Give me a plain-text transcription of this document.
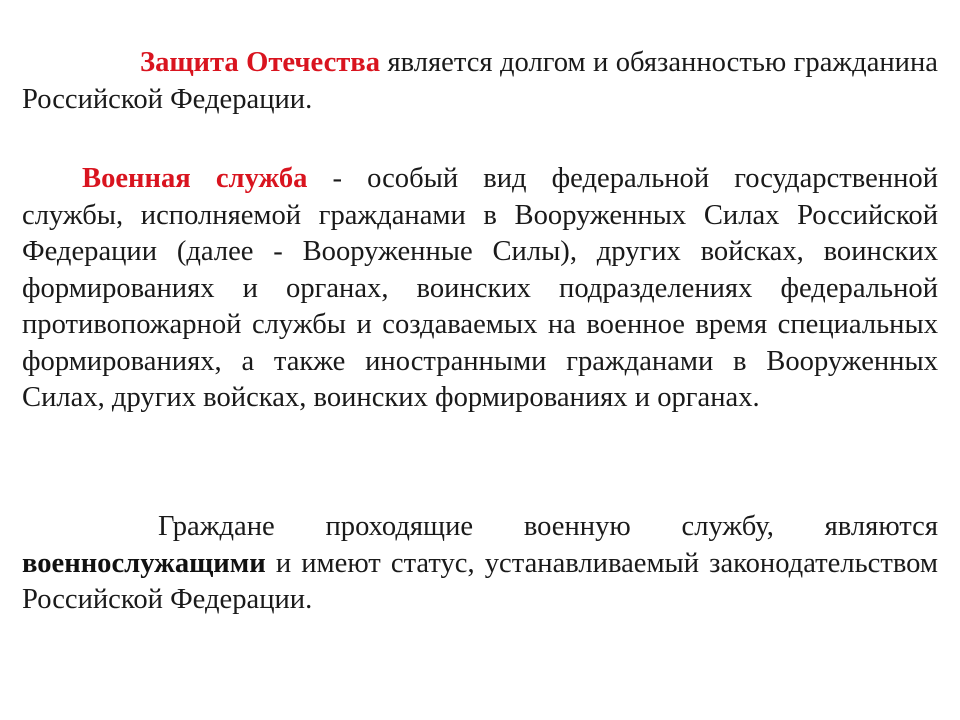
Защита Отечества является долгом и обязанностью гражданина Российской Федерации.

Военная служба - особый вид федеральной государственной службы, исполняемой гражданами в Вооруженных Силах Российской Федерации (далее - Вооруженные Силы), других войсках, воинских формированиях и органах, воинских подразделениях федеральной противопожарной службы и создаваемых на военное время специальных формированиях, а также иностранными гражданами в Вооруженных Силах, других войсках, воинских формированиях и органах.

Граждане проходящие военную службу, являются военнослужащими и имеют статус, устанавливаемый законодательством Российской Федерации.
